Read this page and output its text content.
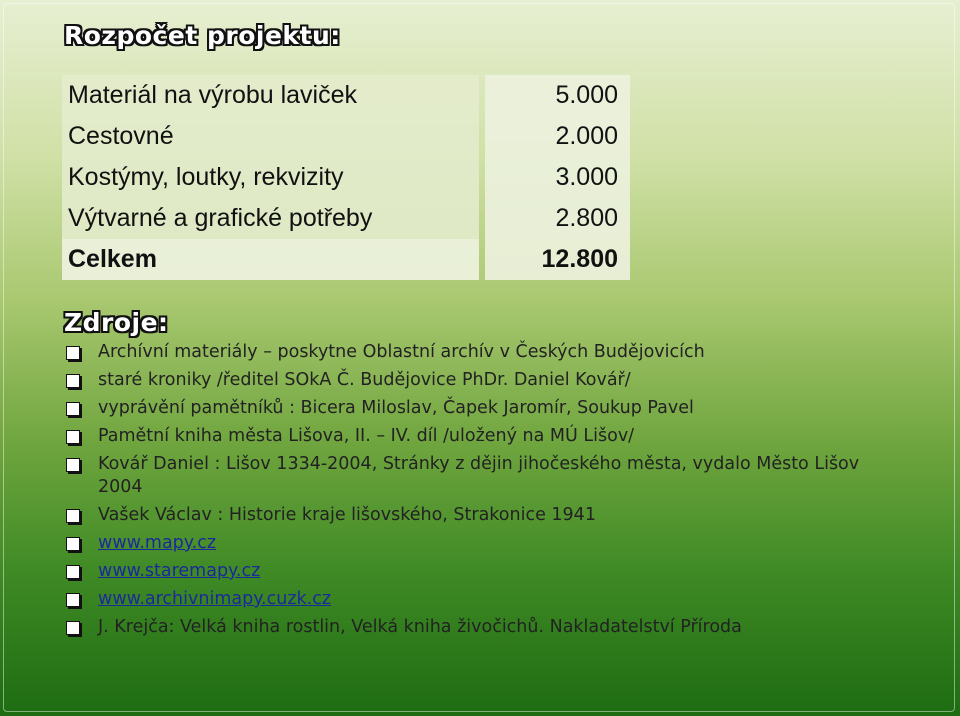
Rozpočet projektu:
Materiál na výrobu laviček	5.000
Cestovné	2.000
Kostýmy, loutky, rekvizity	3.000
Výtvarné a grafické potřeby	2.800
Celkem	12.800
Zdroje:
Archívní materiály – poskytne Oblastní archív v Českých Budějovicích
staré kroniky /ředitel SOkA Č. Budějovice PhDr. Daniel Kovář/
vyprávění pamětníků : Bicera Miloslav, Čapek Jaromír, Soukup Pavel
Pamětní kniha města Lišova, II. – IV. díl /uložený na MÚ Lišov/
Kovář Daniel : Lišov 1334-2004, Stránky z dějin jihočeského města, vydalo Město Lišov 2004
Vašek Václav : Historie kraje lišovského, Strakonice 1941
www.mapy.cz
www.staremapy.cz
www.archivnimapy.cuzk.cz
J. Krejča: Velká kniha rostlin, Velká kniha živočichů. Nakladatelství Příroda
